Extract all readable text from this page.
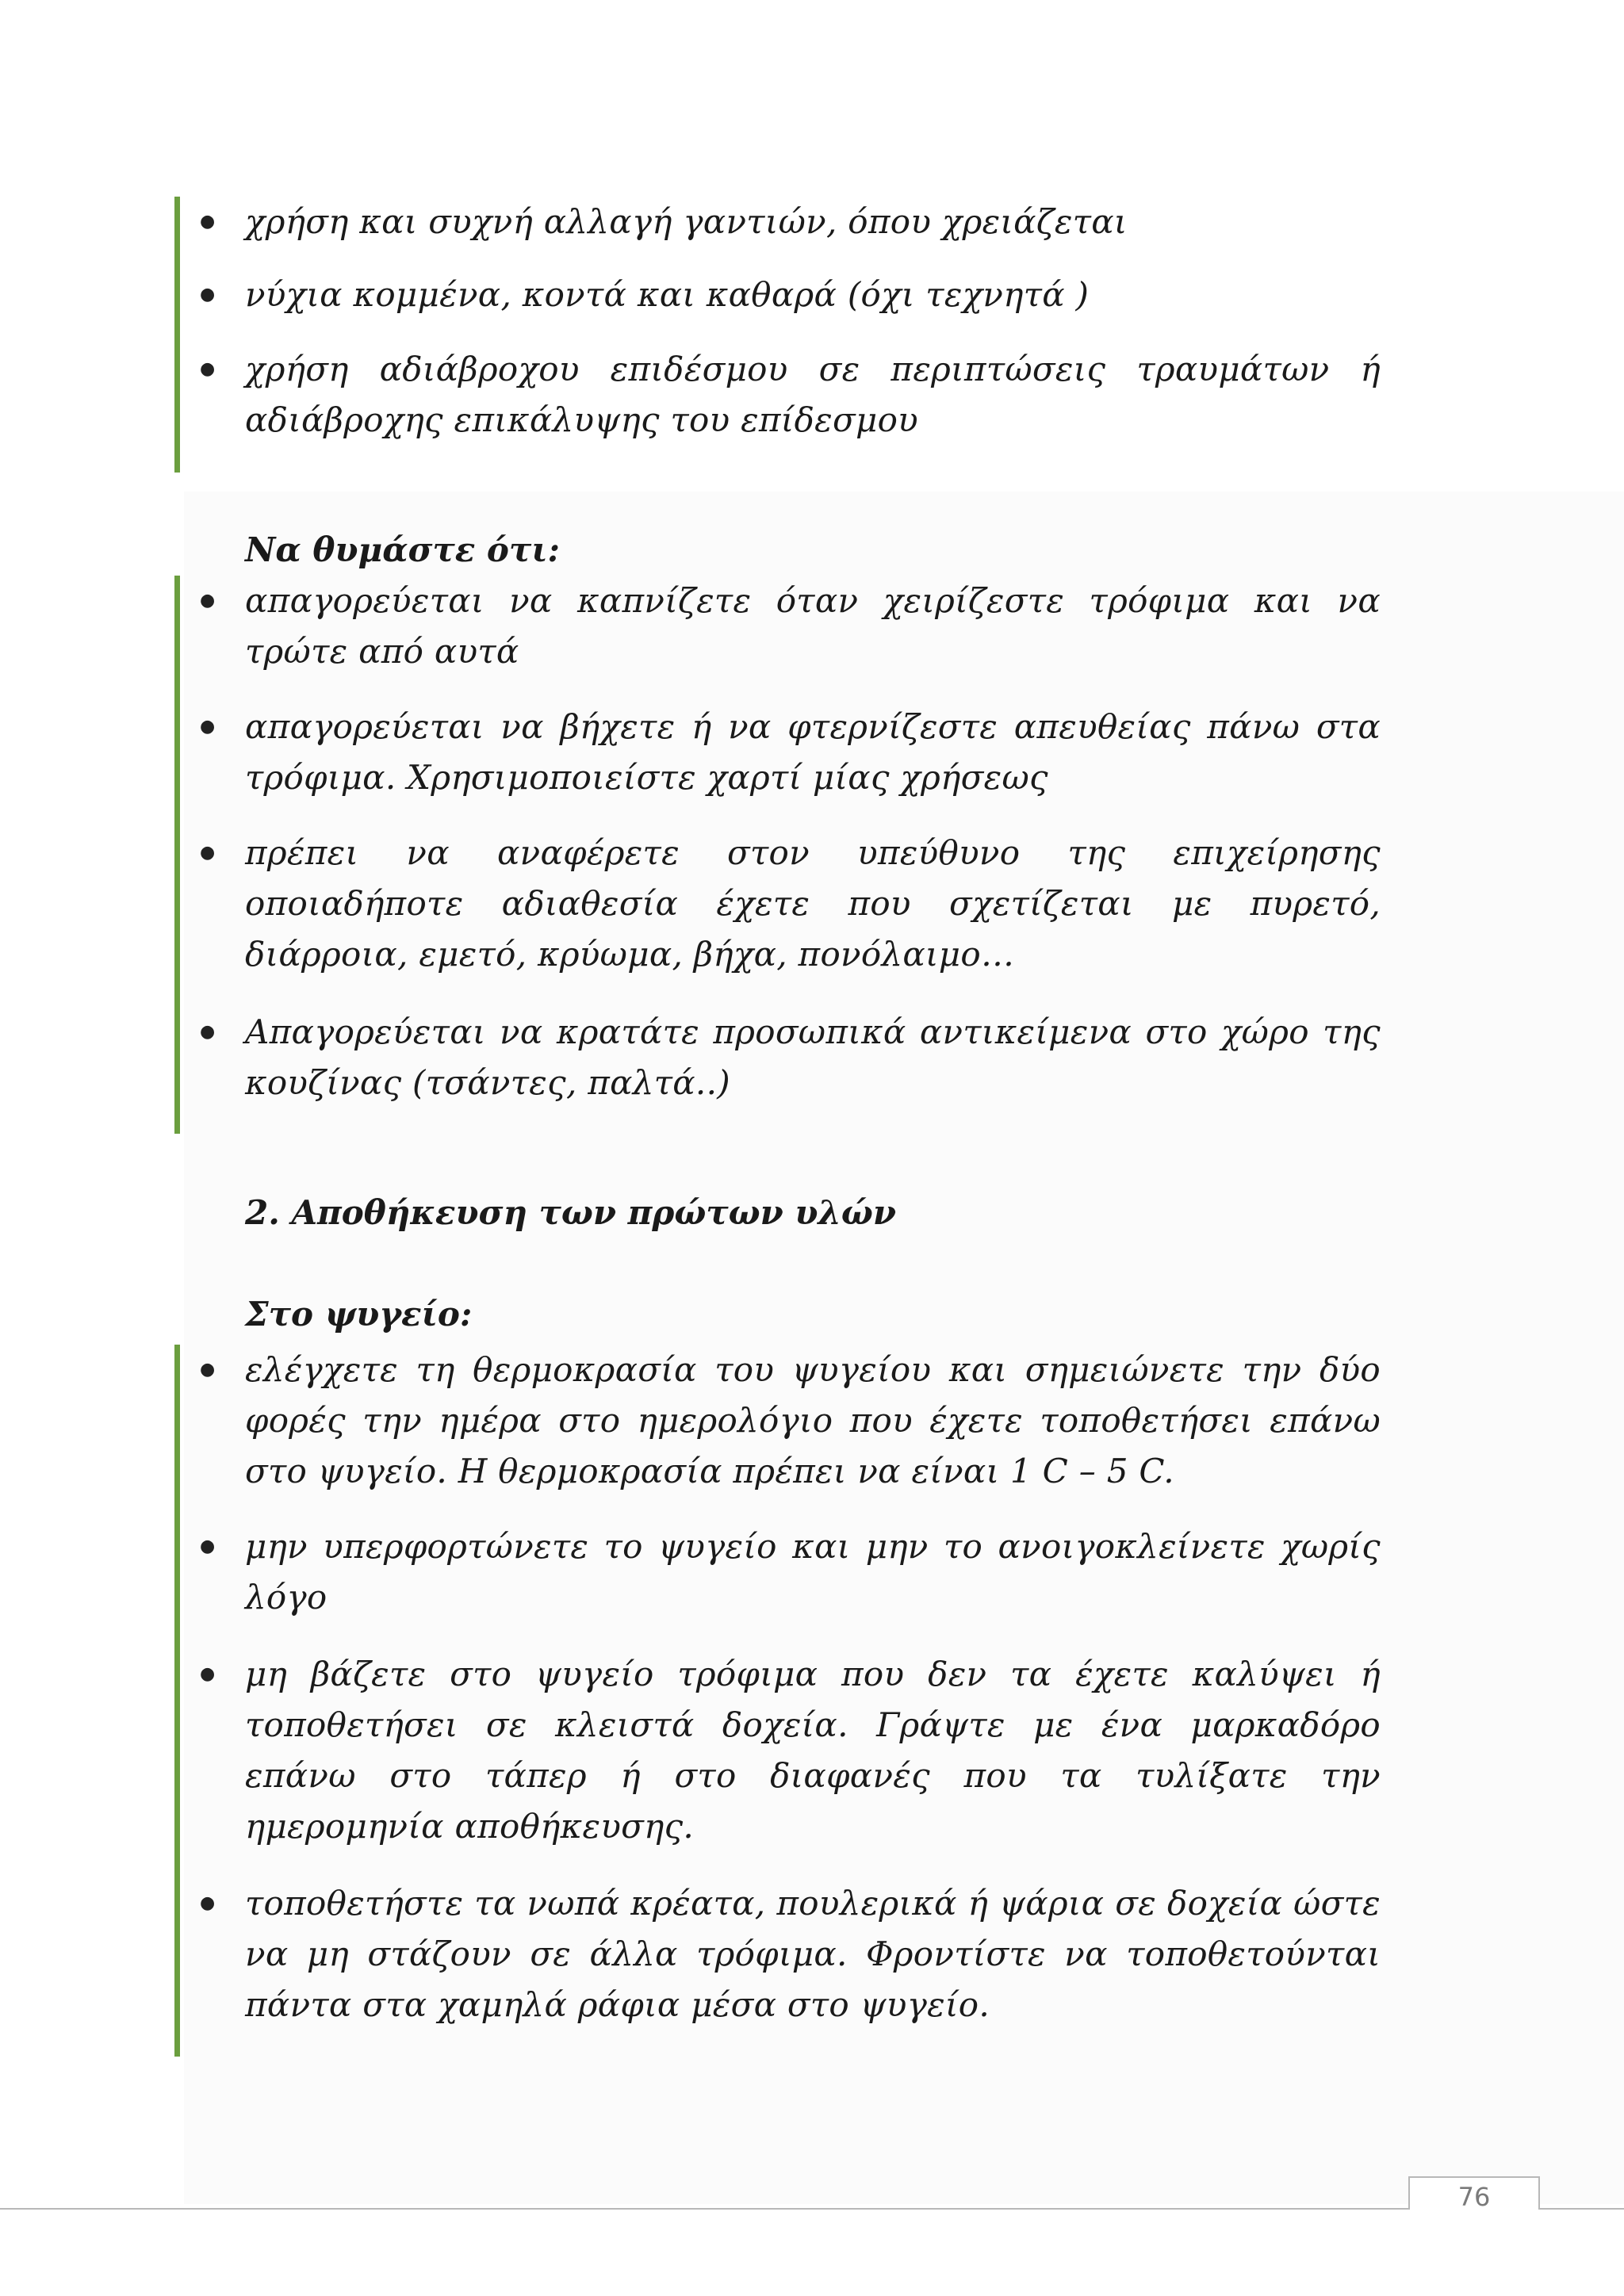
● χρήση και συχνή αλλαγή γαντιών, όπου χρειάζεται
● νύχια κομμένα, κοντά και καθαρά (όχι τεχνητά )
● χρήση αδιάβροχου επιδέσμου σε περιπτώσεις τραυμάτων ή αδιάβροχης επικάλυψης του επίδεσμου
Να θυμάστε ότι:
● απαγορεύεται να καπνίζετε όταν χειρίζεστε τρόφιμα και να τρώτε από αυτά
● απαγορεύεται να βήχετε ή να φτερνίζεστε απευθείας πάνω στα τρόφιμα. Χρησιμοποιείστε χαρτί μίας χρήσεως
● πρέπει να αναφέρετε στον υπεύθυνο της επιχείρησης οποιαδήποτε αδιαθεσία έχετε που σχετίζεται με πυρετό, διάρροια, εμετό, κρύωμα, βήχα, πονόλαιμο…
● Απαγορεύεται να κρατάτε προσωπικά αντικείμενα στο χώρο της κουζίνας (τσάντες, παλτά..)
2. Αποθήκευση των πρώτων υλών
Στο ψυγείο:
● ελέγχετε τη θερμοκρασία του ψυγείου και σημειώνετε την δύο φορές την ημέρα στο ημερολόγιο που έχετε τοποθετήσει επάνω στο ψυγείο. Η θερμοκρασία πρέπει να είναι 1 C – 5 C.
● μην υπερφορτώνετε το ψυγείο και μην το ανοιγοκλείνετε χωρίς λόγο
● μη βάζετε στο ψυγείο τρόφιμα που δεν τα έχετε καλύψει ή τοποθετήσει σε κλειστά δοχεία. Γράψτε με ένα μαρκαδόρο επάνω στο τάπερ ή στο διαφανές που τα τυλίξατε την ημερομηνία αποθήκευσης.
● τοποθετήστε τα νωπά κρέατα, πουλερικά ή ψάρια σε δοχεία ώστε να μη στάζουν σε άλλα τρόφιμα. Φροντίστε να τοποθετούνται πάντα στα χαμηλά ράφια μέσα στο ψυγείο.
76
